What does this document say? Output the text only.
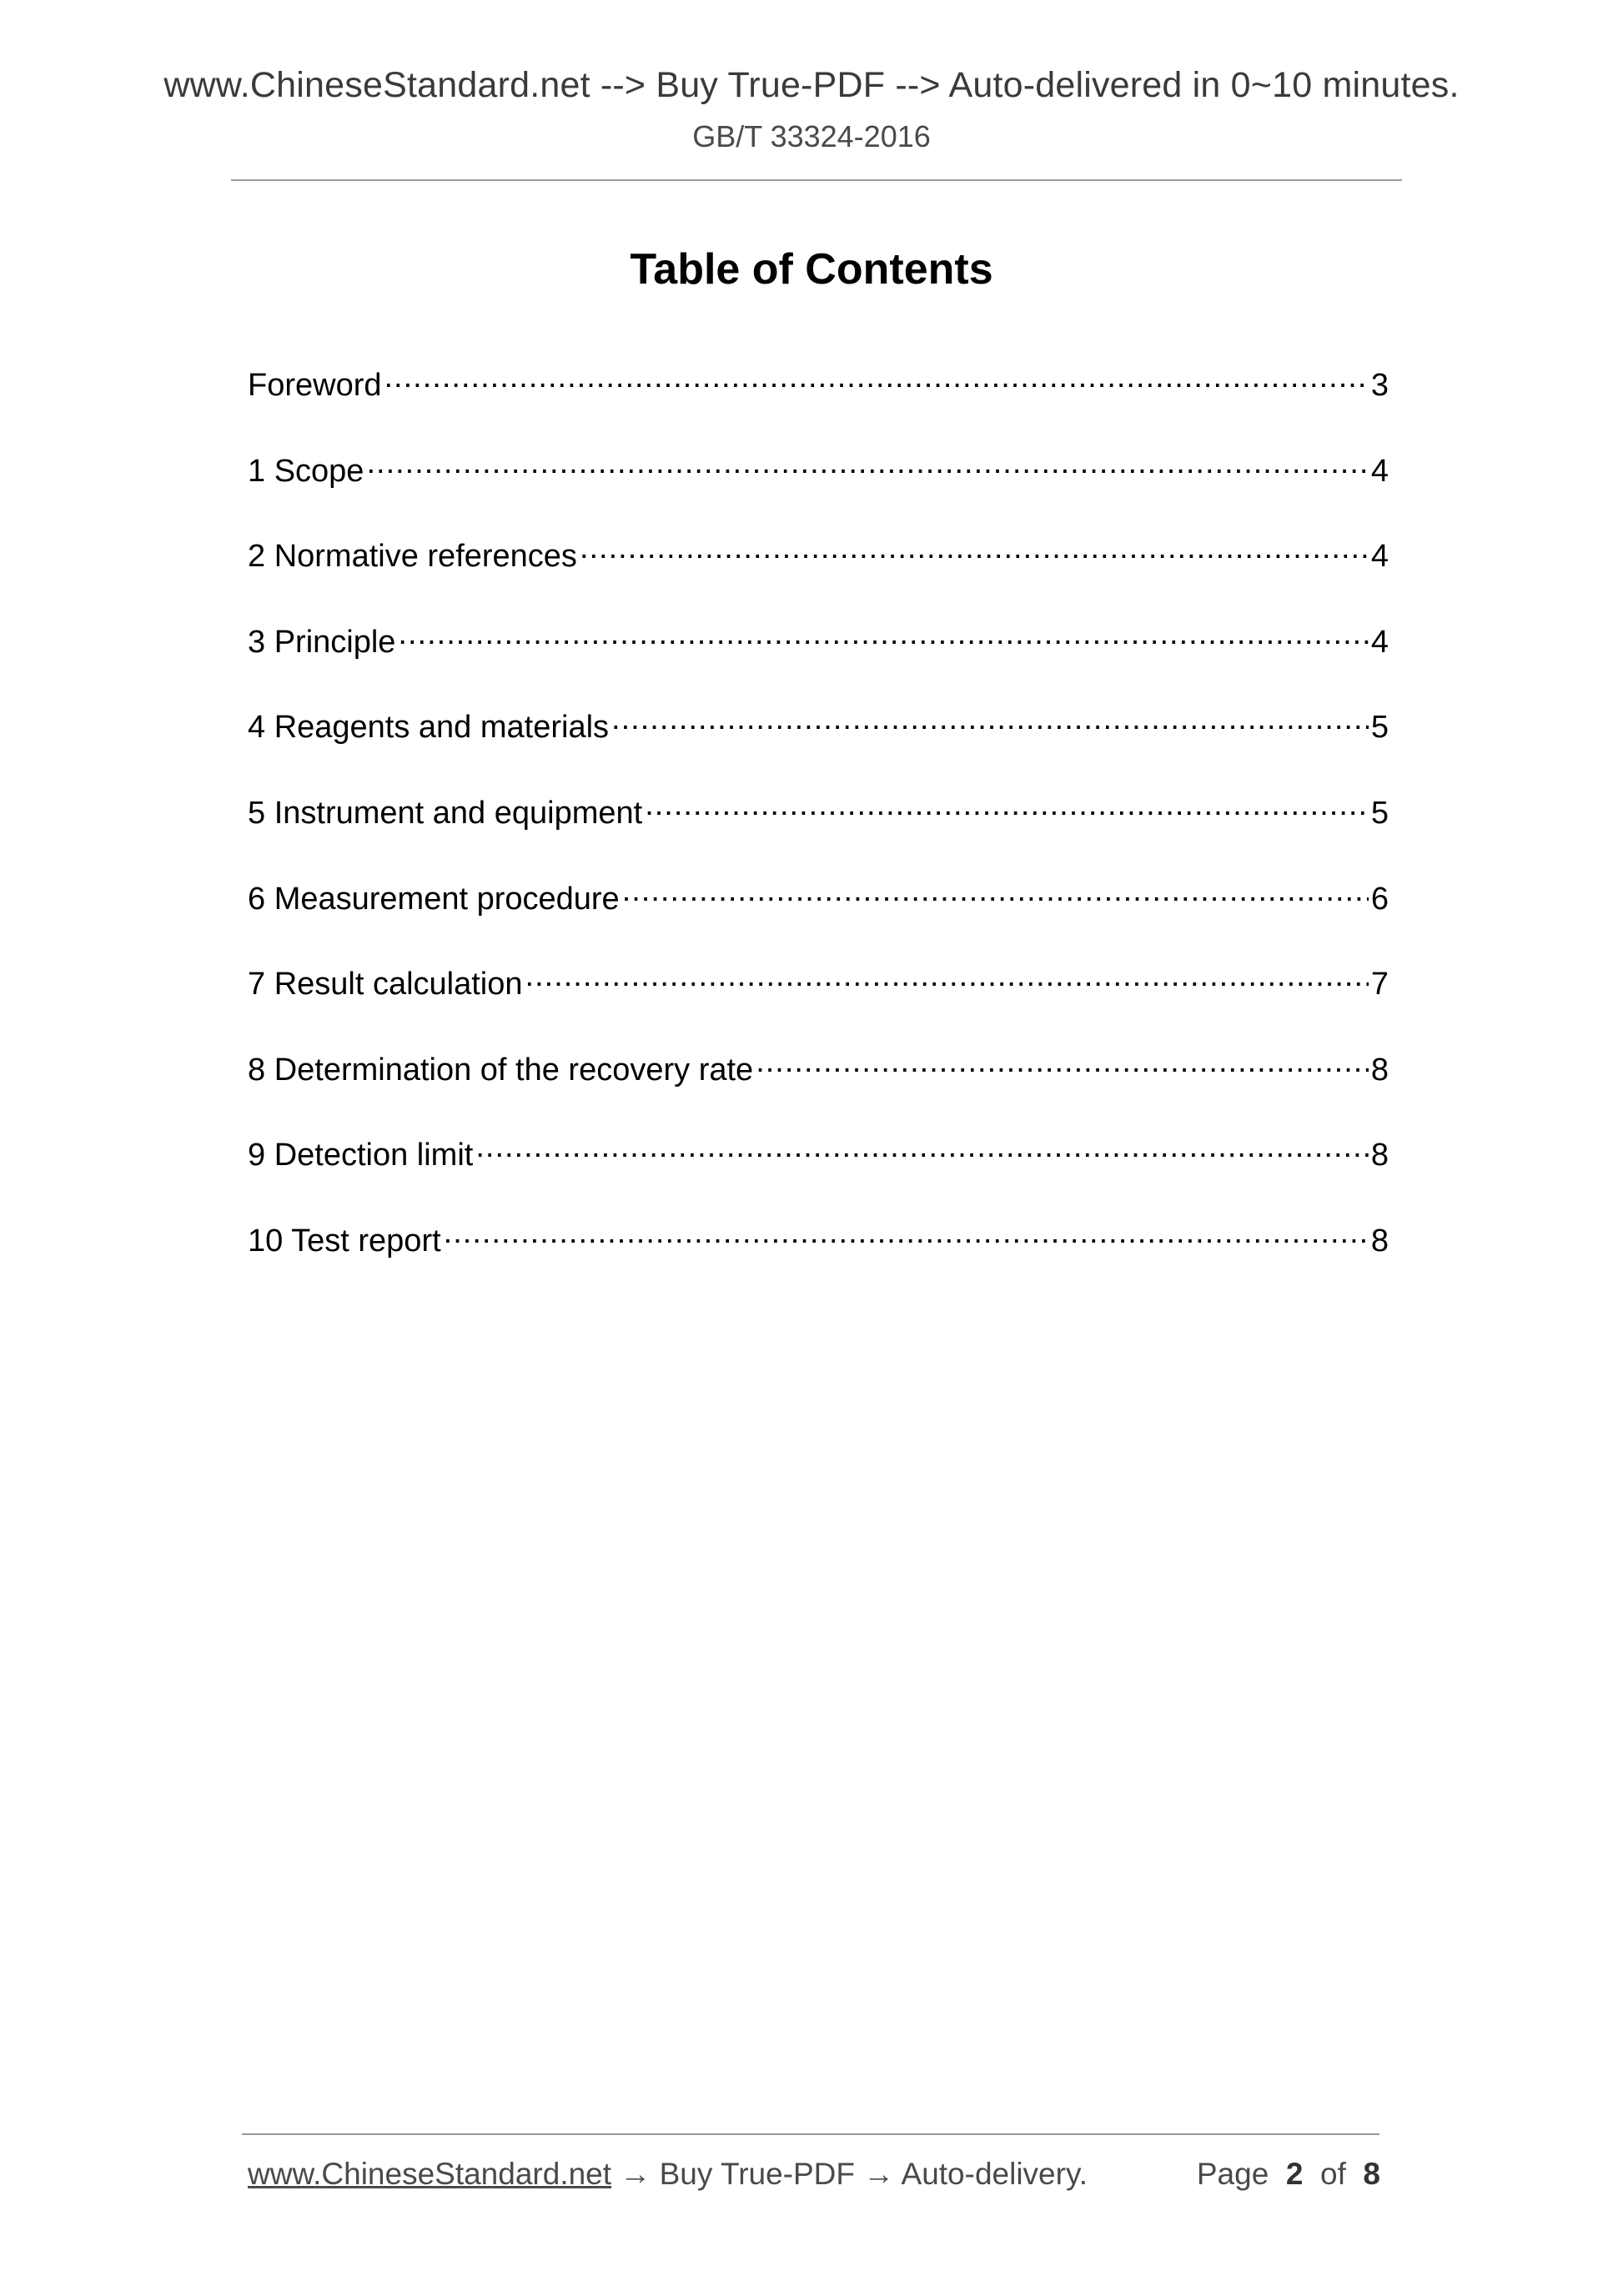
www.ChineseStandard.net --> Buy True-PDF --> Auto-delivered in 0~10 minutes.
GB/T 33324-2016
Table of Contents
Foreword .....	3
1 Scope .....	4
2 Normative references .....	4
3 Principle .....	4
4 Reagents and materials .....	5
5 Instrument and equipment .....	5
6 Measurement procedure .....	6
7 Result calculation .....	7
8 Determination of the recovery rate .....	8
9 Detection limit .....	8
10 Test report .....	8
www.ChineseStandard.net → Buy True-PDF → Auto-delivery.	Page 2 of 8
